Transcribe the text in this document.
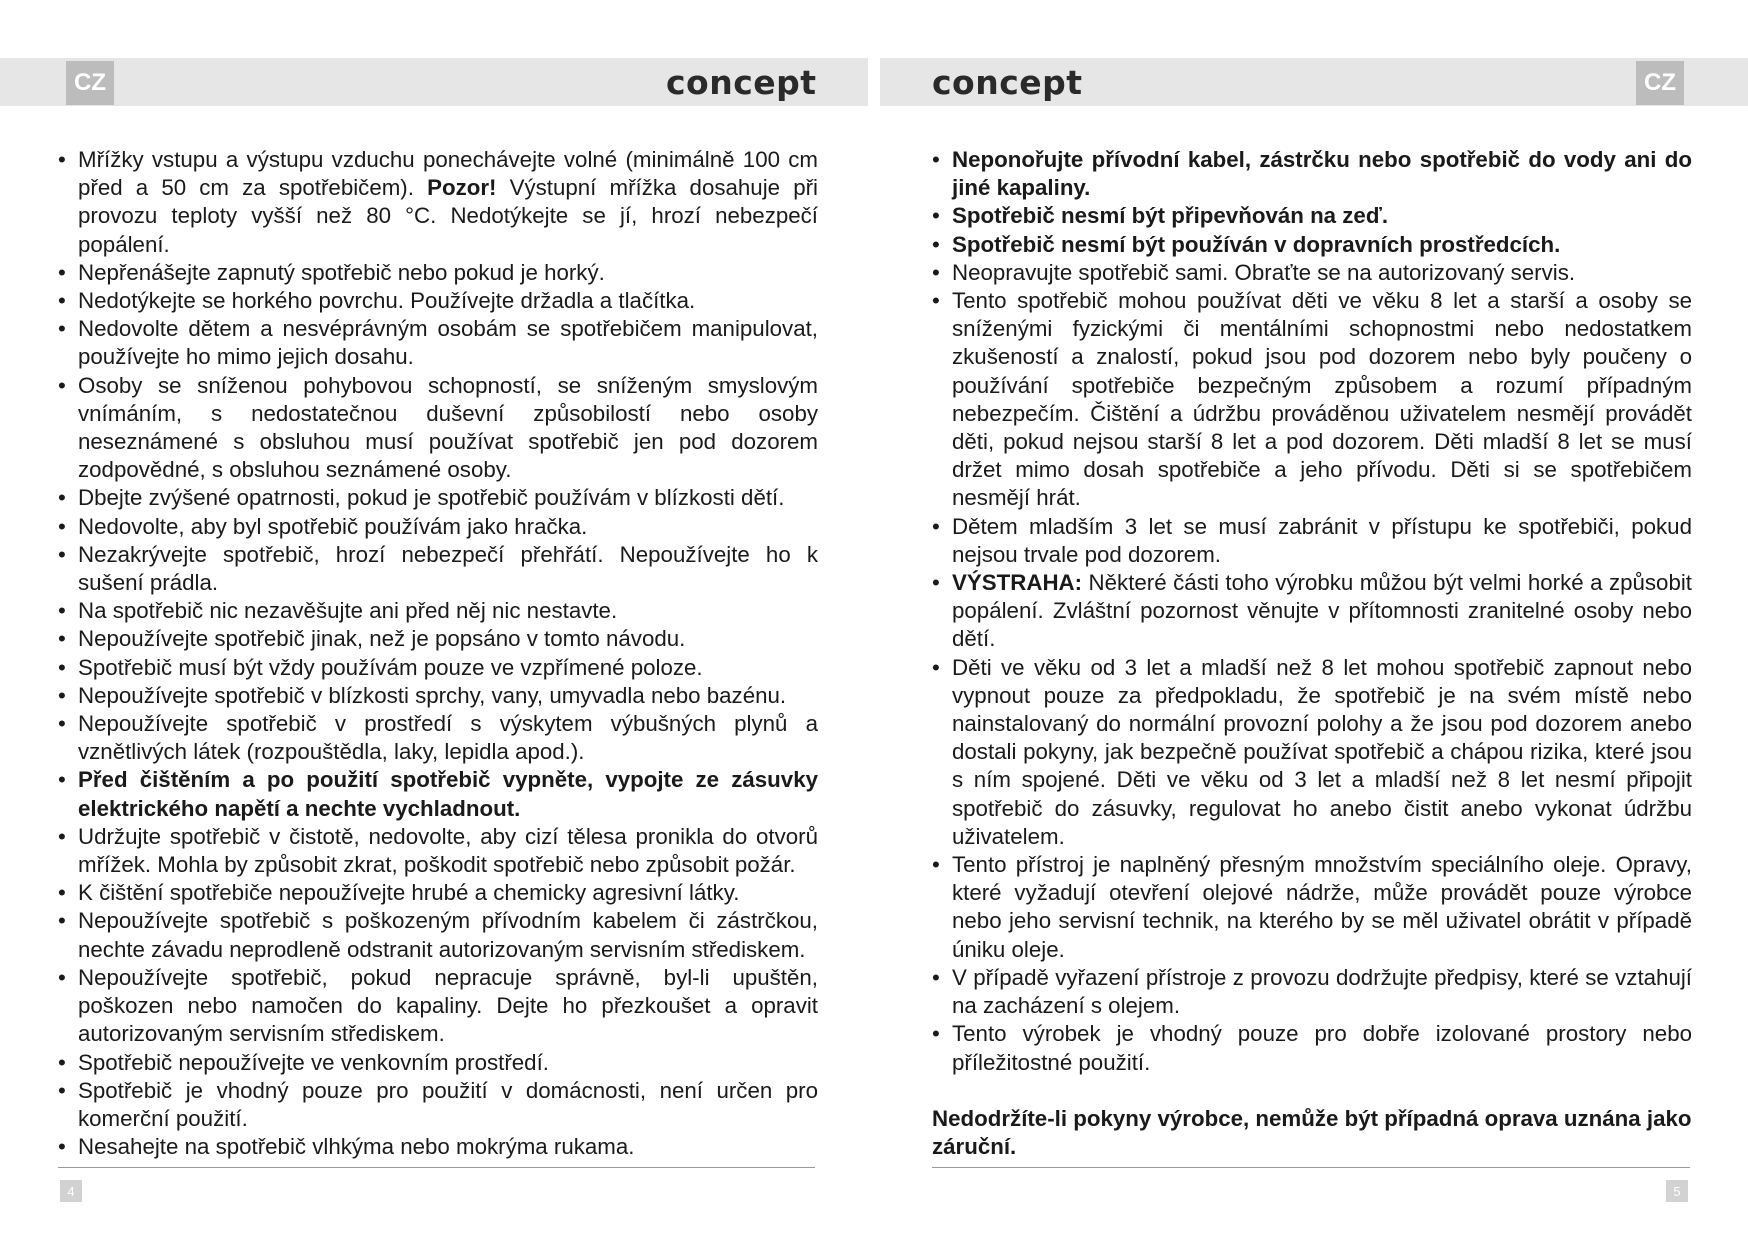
CZ	CZ
concept	concept
• Mřížky vstupu a výstupu vzduchu ponechávejte volné (minimálně 100 cm před a 50 cm za spotřebičem). Pozor! Výstupní mřížka dosahuje při provozu teploty vyšší než 80 °C. Nedotýkejte se jí, hrozí nebezpečí popálení.
• Nepřenášejte zapnutý spotřebič nebo pokud je horký.
• Nedotýkejte se horkého povrchu. Používejte držadla a tlačítka.
• Nedovolte dětem a nesvéprávným osobám se spotřebičem manipulovat, používejte ho mimo jejich dosahu.
• Osoby se sníženou pohybovou schopností, se sníženým smyslovým vnímáním, s nedostatečnou duševní způsobilostí nebo osoby neseznámené s obsluhou musí používat spotřebič jen pod dozorem zodpovědné, s obsluhou seznámené osoby.
• Dbejte zvýšené opatrnosti, pokud je spotřebič používám v blízkosti dětí.
• Nedovolte, aby byl spotřebič používám jako hračka.
• Nezakrývejte spotřebič, hrozí nebezpečí přehřátí. Nepoužívejte ho k sušení prádla.
• Na spotřebič nic nezavěšujte ani před něj nic nestavte.
• Nepoužívejte spotřebič jinak, než je popsáno v tomto návodu.
• Spotřebič musí být vždy používám pouze ve vzpřímené poloze.
• Nepoužívejte spotřebič v blízkosti sprchy, vany, umyvadla nebo bazénu.
• Nepoužívejte spotřebič v prostředí s výskytem výbušných plynů a vznětlivých látek (rozpouštědla, laky, lepidla apod.).
• Před čištěním a po použití spotřebič vypněte, vypojte ze zásuvky elektrického napětí a nechte vychladnout.
• Udržujte spotřebič v čistotě, nedovolte, aby cizí tělesa pronikla do otvorů mřížek. Mohla by způsobit zkrat, poškodit spotřebič nebo způsobit požár.
• K čištění spotřebiče nepoužívejte hrubé a chemicky agresivní látky.
• Nepoužívejte spotřebič s poškozeným přívodním kabelem či zástrčkou, nechte závadu neprodleně odstranit autorizovaným servisním střediskem.
• Nepoužívejte spotřebič, pokud nepracuje správně, byl-li upuštěn, poškozen nebo namočen do kapaliny. Dejte ho přezkoušet a opravit autorizovaným servisním střediskem.
• Spotřebič nepoužívejte ve venkovním prostředí.
• Spotřebič je vhodný pouze pro použití v domácnosti, není určen pro komerční použití.
• Nesahejte na spotřebič vlhkýma nebo mokrýma rukama.
• Neponořujte přívodní kabel, zástrčku nebo spotřebič do vody ani do jiné kapaliny.
• Spotřebič nesmí být připevňován na zeď.
• Spotřebič nesmí být používán v dopravních prostředcích.
• Neopravujte spotřebič sami. Obraťte se na autorizovaný servis.
• Tento spotřebič mohou používat děti ve věku 8 let a starší a osoby se sníženými fyzickými či mentálními schopnostmi nebo nedostatkem zkušeností a znalostí, pokud jsou pod dozorem nebo byly poučeny o používání spotřebiče bezpečným způsobem a rozumí případným nebezpečím. Čištění a údržbu prováděnou uživatelem nesmějí provádět děti, pokud nejsou starší 8 let a pod dozorem. Děti mladší 8 let se musí držet mimo dosah spotřebiče a jeho přívodu. Děti si se spotřebičem nesmějí hrát.
• Dětem mladším 3 let se musí zabránit v přístupu ke spotřebiči, pokud nejsou trvale pod dozorem.
• VÝSTRAHA: Některé části toho výrobku můžou být velmi horké a způsobit popálení. Zvláštní pozornost věnujte v přítomnosti zranitelné osoby nebo dětí.
• Děti ve věku od 3 let a mladší než 8 let mohou spotřebič zapnout nebo vypnout pouze za předpokladu, že spotřebič je na svém místě nebo nainstalovaný do normální provozní polohy a že jsou pod dozorem anebo dostali pokyny, jak bezpečně používat spotřebič a chápou rizika, které jsou s ním spojené. Děti ve věku od 3 let a mladší než 8 let nesmí připojit spotřebič do zásuvky, regulovat ho anebo čistit anebo vykonat údržbu uživatelem.
• Tento přístroj je naplněný přesným množstvím speciálního oleje. Opravy, které vyžadují otevření olejové nádrže, může provádět pouze výrobce nebo jeho servisní technik, na kterého by se měl uživatel obrátit v případě úniku oleje.
• V případě vyřazení přístroje z provozu dodržujte předpisy, které se vztahují na zacházení s olejem.
• Tento výrobek je vhodný pouze pro dobře izolované prostory nebo příležitostné použití.
Nedodržíte-li pokyny výrobce, nemůže být případná oprava uznána jako záruční.
4	5
